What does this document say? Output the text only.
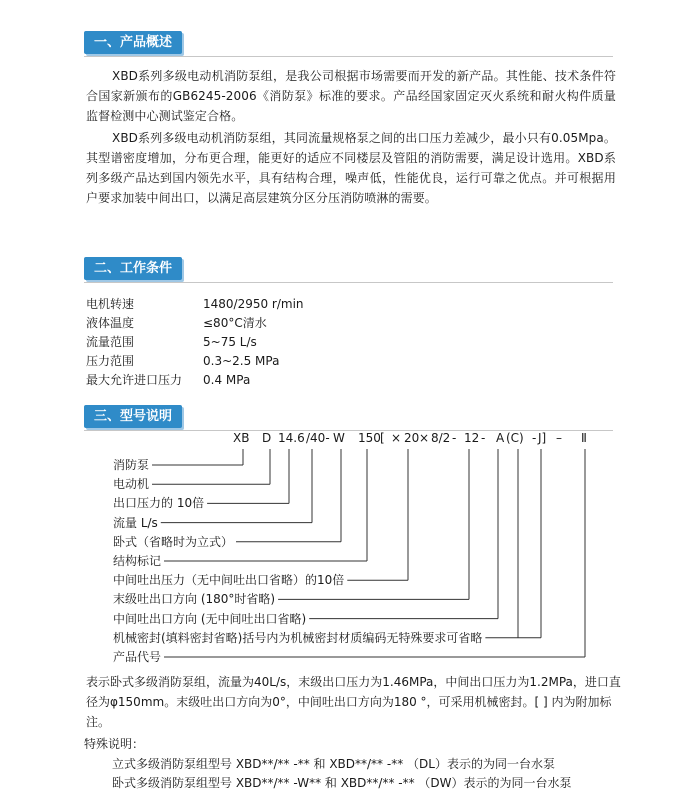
一、产品概述

XBD系列多级电动机消防泵组，是我公司根据市场需要而开发的新产品。其性能、技术条件符合国家新颁布的GB6245-2006《消防泵》标准的要求。产品经国家固定灭火系统和耐火构件质量监督检测中心测试鉴定合格。

XBD系列多级电动机消防泵组，其同流量规格泵之间的出口压力差减少，最小只有0.05Mpa。其型谱密度增加，分布更合理，能更好的适应不同楼层及管阻的消防需要，满足设计选用。XBD系列多级产品达到国内领先水平，具有结构合理，噪声低，性能优良，运行可靠之优点。并可根据用户要求加装中间出口，以满足高层建筑分区分压消防喷淋的需要。

二、工作条件
电机转速	1480/2950 r/min
液体温度	≤80°C清水
流量范围	5~75 L/s
压力范围	0.3~2.5 MPa
最大允许进口压力 0.4 MPa
三、型号说明
XB D 14.6 /40- W 150 [ × 20 × 8/2 - 12 - A (C) - J] – Ⅱ
消防泵
电动机
出口压力的 10倍
流量 L/s
卧式（省略时为立式）
结构标记
中间吐出压力（无中间吐出口省略）的10倍
末级吐出口方向 (180°时省略)
中间吐出口方向 (无中间吐出口省略)
机械密封(填料密封省略)括号内为机械密封材质编码无特殊要求可省略
产品代号

表示卧式多级消防泵组，流量为40L/s，末级出口压力为1.46MPa，中间出口压力为1.2MPa，进口直径为φ150mm。末级吐出口方向为0°，中间吐出口方向为180 °，可采用机械密封。[ ] 内为附加标注。

特殊说明：

立式多级消防泵组型号 XBD**/** -** 和 XBD**/** -** （DL）表示的为同一台水泵

卧式多级消防泵组型号 XBD**/** -W** 和 XBD**/** -** （DW）表示的为同一台水泵
